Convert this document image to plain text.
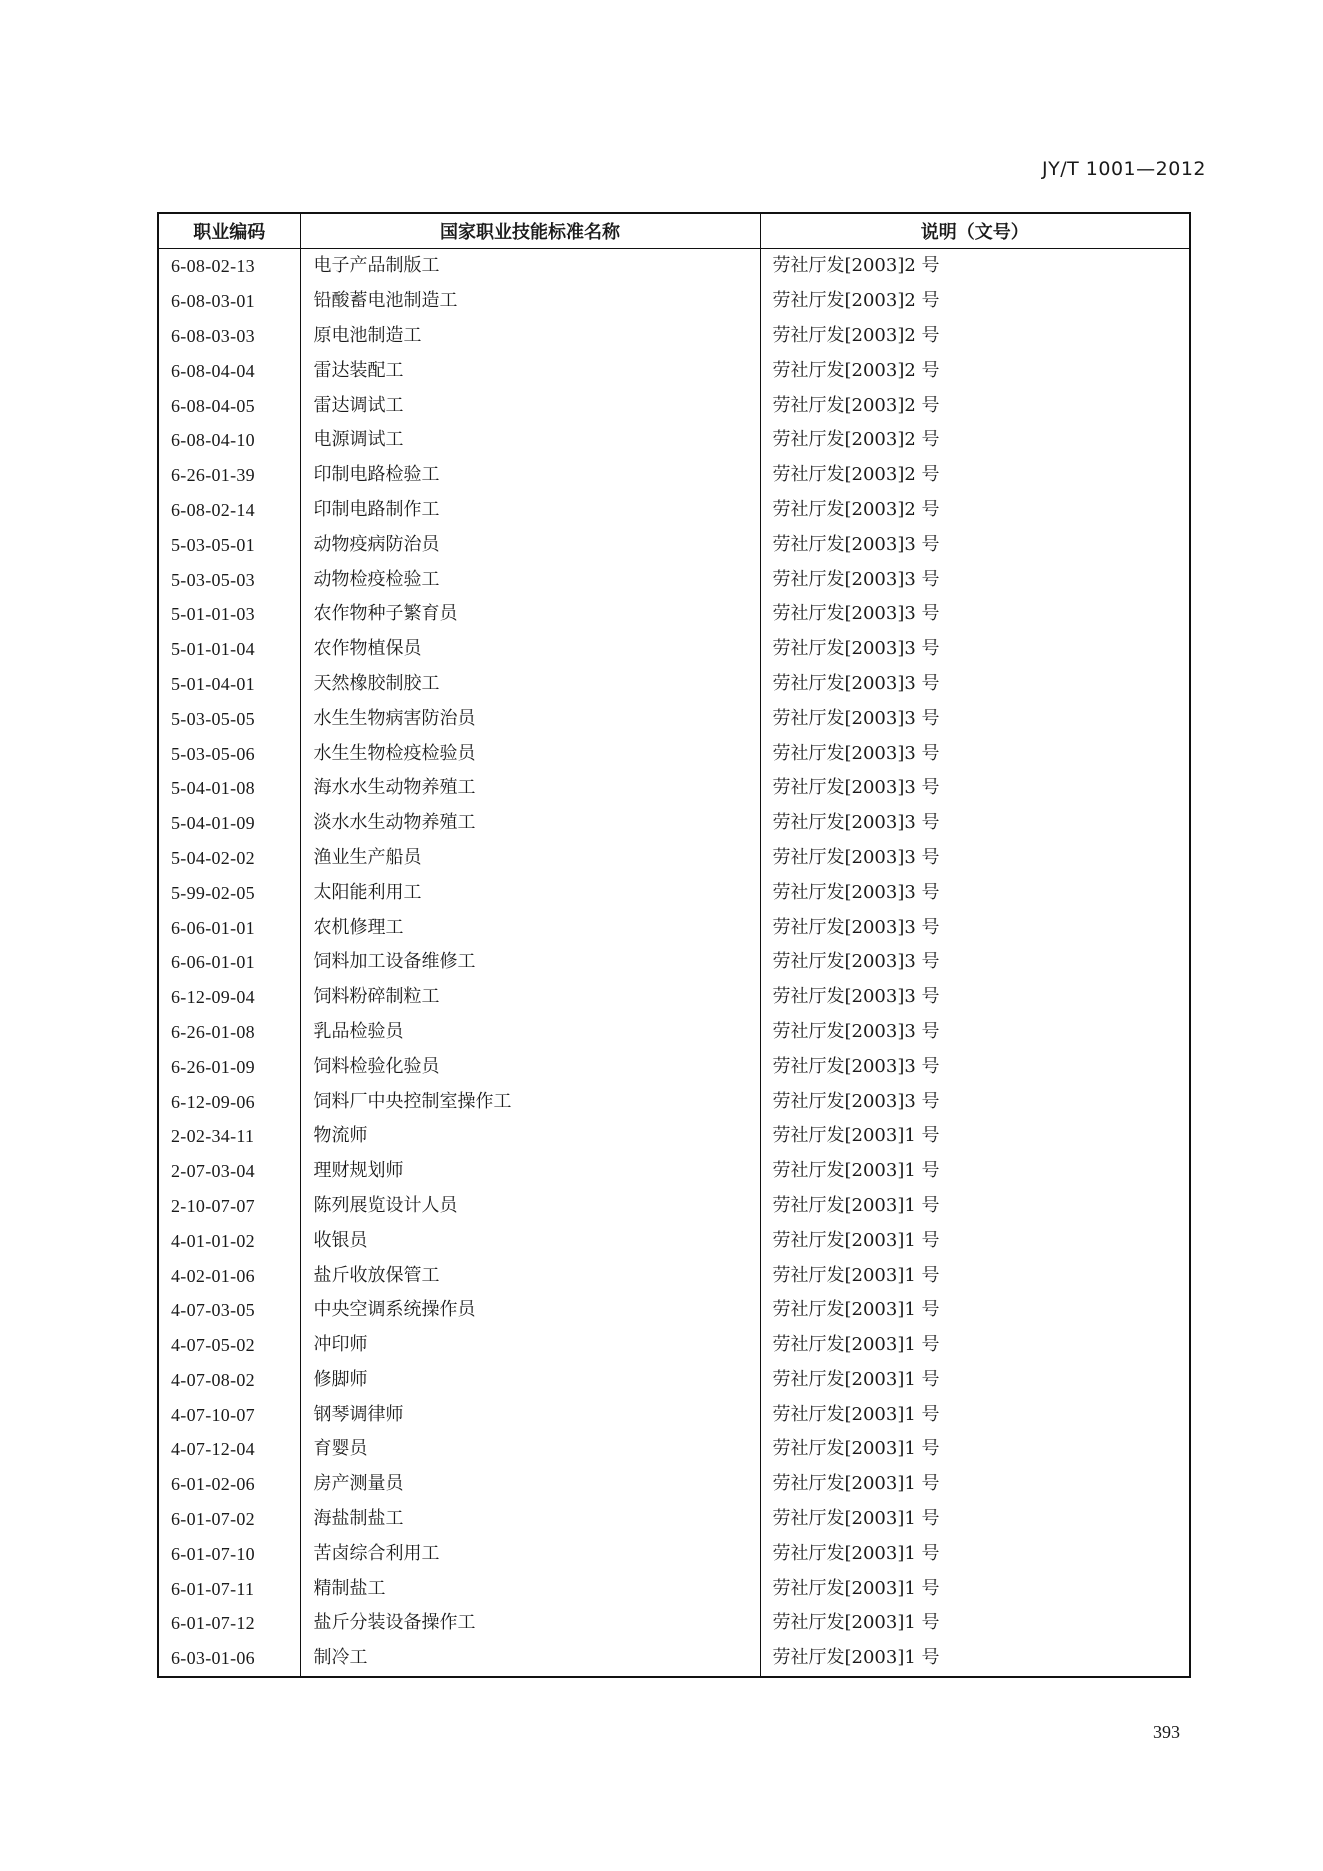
JY/T 1001—2012
职业编码	国家职业技能标准名称	说明（文号）
6-08-02-13	电子产品制版工	劳社厅发[2003]2 号
6-08-03-01	铅酸蓄电池制造工	劳社厅发[2003]2 号
6-08-03-03	原电池制造工	劳社厅发[2003]2 号
6-08-04-04	雷达装配工	劳社厅发[2003]2 号
6-08-04-05	雷达调试工	劳社厅发[2003]2 号
6-08-04-10	电源调试工	劳社厅发[2003]2 号
6-26-01-39	印制电路检验工	劳社厅发[2003]2 号
6-08-02-14	印制电路制作工	劳社厅发[2003]2 号
5-03-05-01	动物疫病防治员	劳社厅发[2003]3 号
5-03-05-03	动物检疫检验工	劳社厅发[2003]3 号
5-01-01-03	农作物种子繁育员	劳社厅发[2003]3 号
5-01-01-04	农作物植保员	劳社厅发[2003]3 号
5-01-04-01	天然橡胶制胶工	劳社厅发[2003]3 号
5-03-05-05	水生生物病害防治员	劳社厅发[2003]3 号
5-03-05-06	水生生物检疫检验员	劳社厅发[2003]3 号
5-04-01-08	海水水生动物养殖工	劳社厅发[2003]3 号
5-04-01-09	淡水水生动物养殖工	劳社厅发[2003]3 号
5-04-02-02	渔业生产船员	劳社厅发[2003]3 号
5-99-02-05	太阳能利用工	劳社厅发[2003]3 号
6-06-01-01	农机修理工	劳社厅发[2003]3 号
6-06-01-01	饲料加工设备维修工	劳社厅发[2003]3 号
6-12-09-04	饲料粉碎制粒工	劳社厅发[2003]3 号
6-26-01-08	乳品检验员	劳社厅发[2003]3 号
6-26-01-09	饲料检验化验员	劳社厅发[2003]3 号
6-12-09-06	饲料厂中央控制室操作工	劳社厅发[2003]3 号
2-02-34-11	物流师	劳社厅发[2003]1 号
2-07-03-04	理财规划师	劳社厅发[2003]1 号
2-10-07-07	陈列展览设计人员	劳社厅发[2003]1 号
4-01-01-02	收银员	劳社厅发[2003]1 号
4-02-01-06	盐斤收放保管工	劳社厅发[2003]1 号
4-07-03-05	中央空调系统操作员	劳社厅发[2003]1 号
4-07-05-02	冲印师	劳社厅发[2003]1 号
4-07-08-02	修脚师	劳社厅发[2003]1 号
4-07-10-07	钢琴调律师	劳社厅发[2003]1 号
4-07-12-04	育婴员	劳社厅发[2003]1 号
6-01-02-06	房产测量员	劳社厅发[2003]1 号
6-01-07-02	海盐制盐工	劳社厅发[2003]1 号
6-01-07-10	苦卤综合利用工	劳社厅发[2003]1 号
6-01-07-11	精制盐工	劳社厅发[2003]1 号
6-01-07-12	盐斤分装设备操作工	劳社厅发[2003]1 号
6-03-01-06	制冷工	劳社厅发[2003]1 号
393
